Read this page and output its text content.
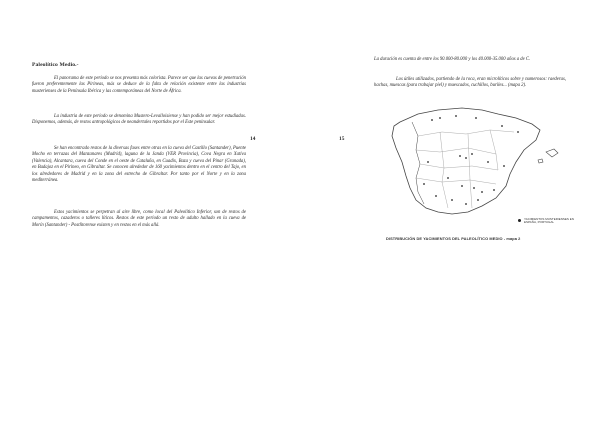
Paleolítico Medio.-

El panorama de este periodo se nos presenta más colorista. Parece ser que las cuevas de penetración fueron preferentemente las Pirineas, más se deduce de la falta de relación existente entre las industrias musterienses de la Península Ibérica y las contemporáneas del Norte de África.

La industria de este periodo se denomina Mustero-Levalloisiense y han podido ser mejor estudiadas. Disponemos, además, de restos antropológicos de neandertales repartidos por el Este peninsular.

Se han encontrado restos de la diversas fases entre otras en la cueva del Castillo (Santander), Puente Mocho en terrazas del Manzanares (Madrid), laguna de la Janda (VER Provincia), Cova Negra en Xativa (Valencia), Alcantara, cueva del Conde en el oeste de Cataluña, en Cuadix, Baza y cueva del Pinar (Granada), en Badajoz en el Pirineo, en Gibraltar. Se conocen alrededor de 160 yacimientos dentro en el centro del Tajo, en los alrededores de Madrid y en la zona del estrecho de Gibraltar. Por tanto por el Norte y en la zona mediterránea.

Estos yacimientos se perpetran al aire libre, como local del Paleolítico Inferior, son de restos de campamentos, cazaderos o talleres líticos. Restos de este periodo un resto de adulto hallado en la cueva de Morín (Santander) - Postlitorense existen y en restos en el más allá.

14	15

La duración es cuenta de entre los 90.000-80.000 y los 40.000-35.000 años a de C.

Los útiles utilizados, partiendo de la roca, eran microlíticos sobre y numerosos: raederas, hachas, muescas (para trabajar piel) y muescados, cuchillos, buriles... (mapa 2).

YACIMIENTOS MUSTERIENSES EN ESPAÑA, PORTUGAL
DISTRIBUCIÓN DE YACIMIENTOS DEL PALEOLÍTICO MEDIO - mapa 2
